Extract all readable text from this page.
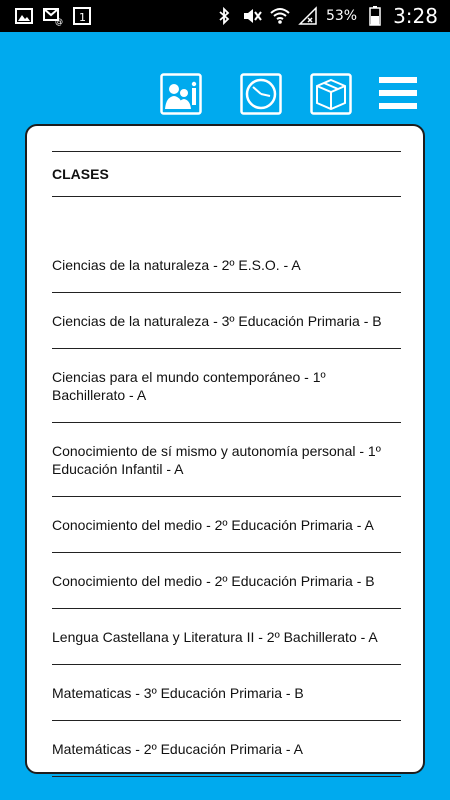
@ 1	53% 3:28
CLASES
Ciencias de la naturaleza - 2º E.S.O. - A
Ciencias de la naturaleza - 3º Educación Primaria - B
Ciencias para el mundo contemporáneo - 1º Bachillerato - A
Conocimiento de sí mismo y autonomía personal - 1º Educación Infantil - A
Conocimiento del medio - 2º Educación Primaria - A
Conocimiento del medio - 2º Educación Primaria - B
Lengua Castellana y Literatura II - 2º Bachillerato - A
Matematicas - 3º Educación Primaria - B
Matemáticas - 2º Educación Primaria - A
